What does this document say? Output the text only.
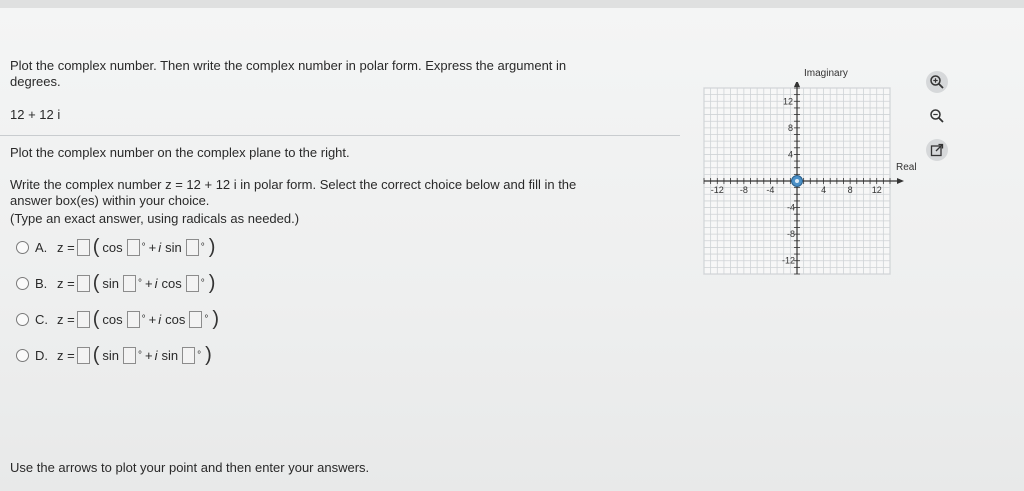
Plot the complex number. Then write the complex number in polar form. Express the argument in
degrees.
12 + 12 i
Plot the complex number on the complex plane to the right.
Write the complex number z = 12 + 12 i in polar form. Select the correct choice below and fill in the
answer box(es) within your choice.
(Type an exact answer, using radicals as needed.)
A. z = ( cos ° + i sin ° )
B. z = ( sin ° + i cos ° )
C. z = ( cos ° + i cos ° )
D. z = ( sin ° + i sin ° )
Use the arrows to plot your point and then enter your answers.
-12 -8 -4	4 8 12
12
8
4
-4
-8
-12
Imaginary
Real
